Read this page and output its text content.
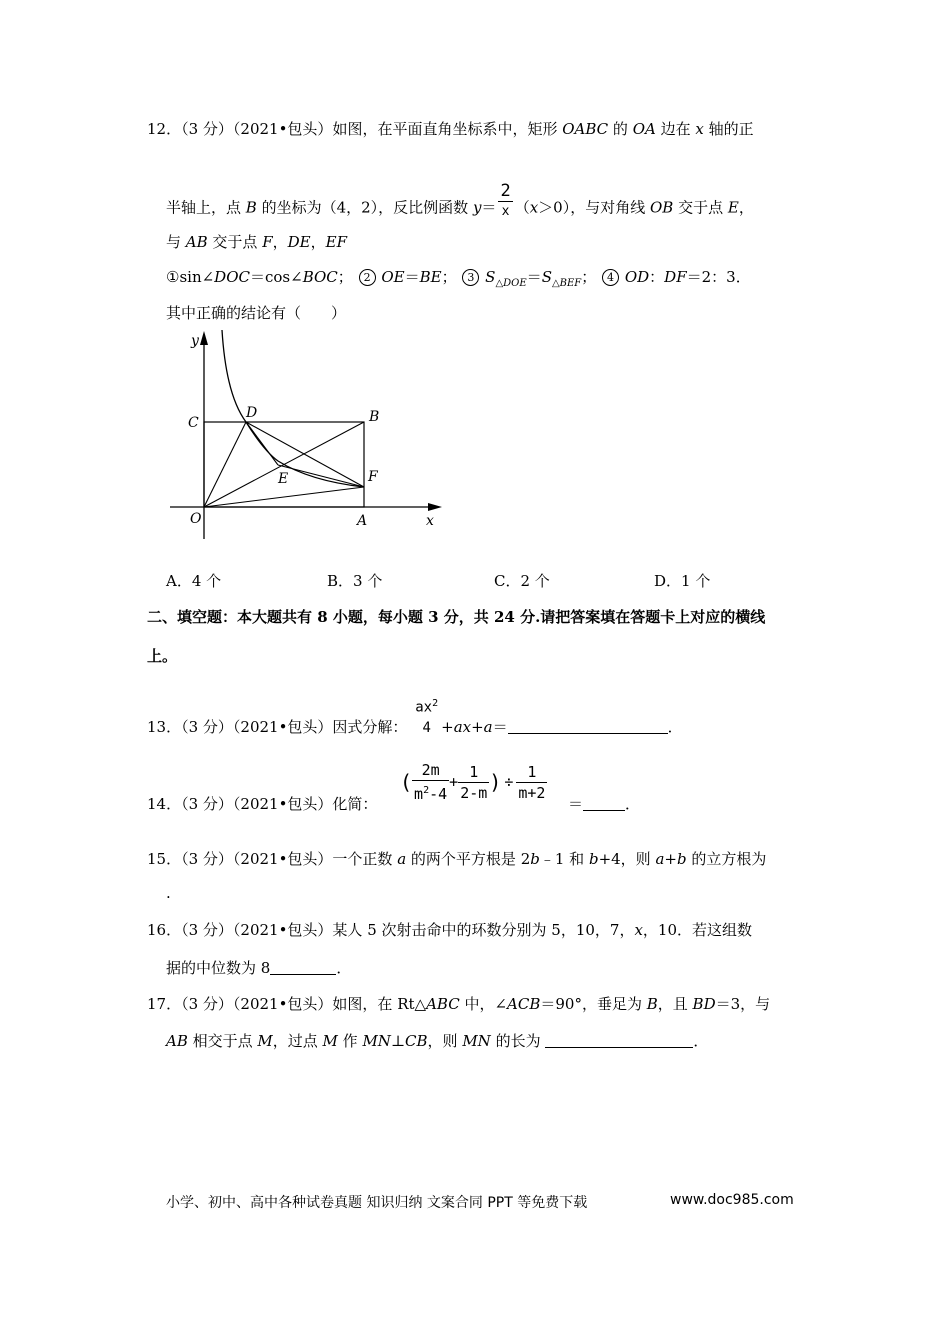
12．（3 分）（2021•包头）如图，在平面直角坐标系中，矩形 OABC 的 OA 边在 x 轴的正
半轴上，点 B 的坐标为（4，2），反比例函数 $y= \frac{2}{x} (x>0)$，与对角线 OB 交于点 E，
与 AB 交于点 F，DE，EF
①sin∠DOC＝cos∠BOC； 2 OE＝BE； 3 $S_{\triangle DOE}=S_{\triangle BEF}$； 4 OD：DF＝2：3．
其中正确的结论有（　　）
y
x
O	A
B
C
D
E	F
A．4 个	B．3 个	C．2 个	D．1 个
二、填空题：本大题共有 8 小题，每小题 3 分，共 24 分.请把答案填在答题卡上对应的横线
上。
13．（3 分）（2021•包头）因式分解：
$ax^2$
4 +ax+a＝	．
14．（3 分）（2021•包头）化简：
( $\frac{2m}{m^2-4} + \frac{1}{2-m}$ ) ÷ $\frac{1}{m+2}$
＝	．
15．（3 分）（2021•包头）一个正数 a 的两个平方根是 2b﹣1 和 b+4，则 a+b 的立方根为
.
16．（3 分）（2021•包头）某人 5 次射击命中的环数分别为 5，10，7，x，10．若这组数
据的中位数为 8	．
17．（3 分）（2021•包头）如图，在 Rt△ABC 中，∠ACB＝90°，垂足为 B，且 BD＝3，与
AB 相交于点 M，过点 M 作 MN⊥CB，则 MN 的长为	．
小学、初中、高中各种试卷真题 知识归纳 文案合同 PPT 等免费下载	www.doc985.com
